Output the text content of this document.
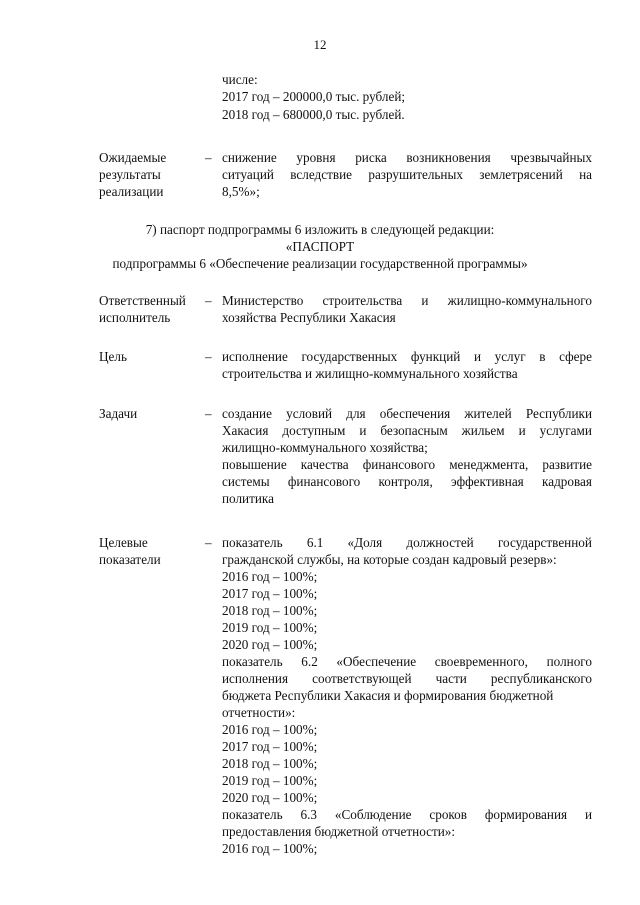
12
числе:
2017 год – 200000,0 тыс. рублей;
2018 год – 680000,0 тыс. рублей.
Ожидаемые
результаты
реализации
– снижение уровня риска возникновения чрезвычайных
ситуаций вследствие разрушительных землетрясений на
8,5%»;
7) паспорт подпрограммы 6 изложить в следующей редакции:
«ПАСПОРТ
подпрограммы 6 «Обеспечение реализации государственной программы»
Ответственный
исполнитель
– Министерство строительства и жилищно-коммунального
хозяйства Республики Хакасия
Цель	– исполнение государственных функций и услуг в сфере
строительства и жилищно-коммунального хозяйства
Задачи	– создание условий для обеспечения жителей Республики
Хакасия доступным и безопасным жильем и услугами
жилищно-коммунального хозяйства;
повышение качества финансового менеджмента, развитие
системы финансового контроля, эффективная кадровая
политика
Целевые
показатели
– показатель 6.1 «Доля должностей государственной
гражданской службы, на которые создан кадровый резерв»:
2016 год – 100%;
2017 год – 100%;
2018 год – 100%;
2019 год – 100%;
2020 год – 100%;
показатель 6.2 «Обеспечение своевременного, полного
исполнения соответствующей части республиканского
бюджета Республики Хакасия и формирования бюджетной
отчетности»:
2016 год – 100%;
2017 год – 100%;
2018 год – 100%;
2019 год – 100%;
2020 год – 100%;
показатель 6.3 «Соблюдение сроков формирования и
предоставления бюджетной отчетности»:
2016 год – 100%;
